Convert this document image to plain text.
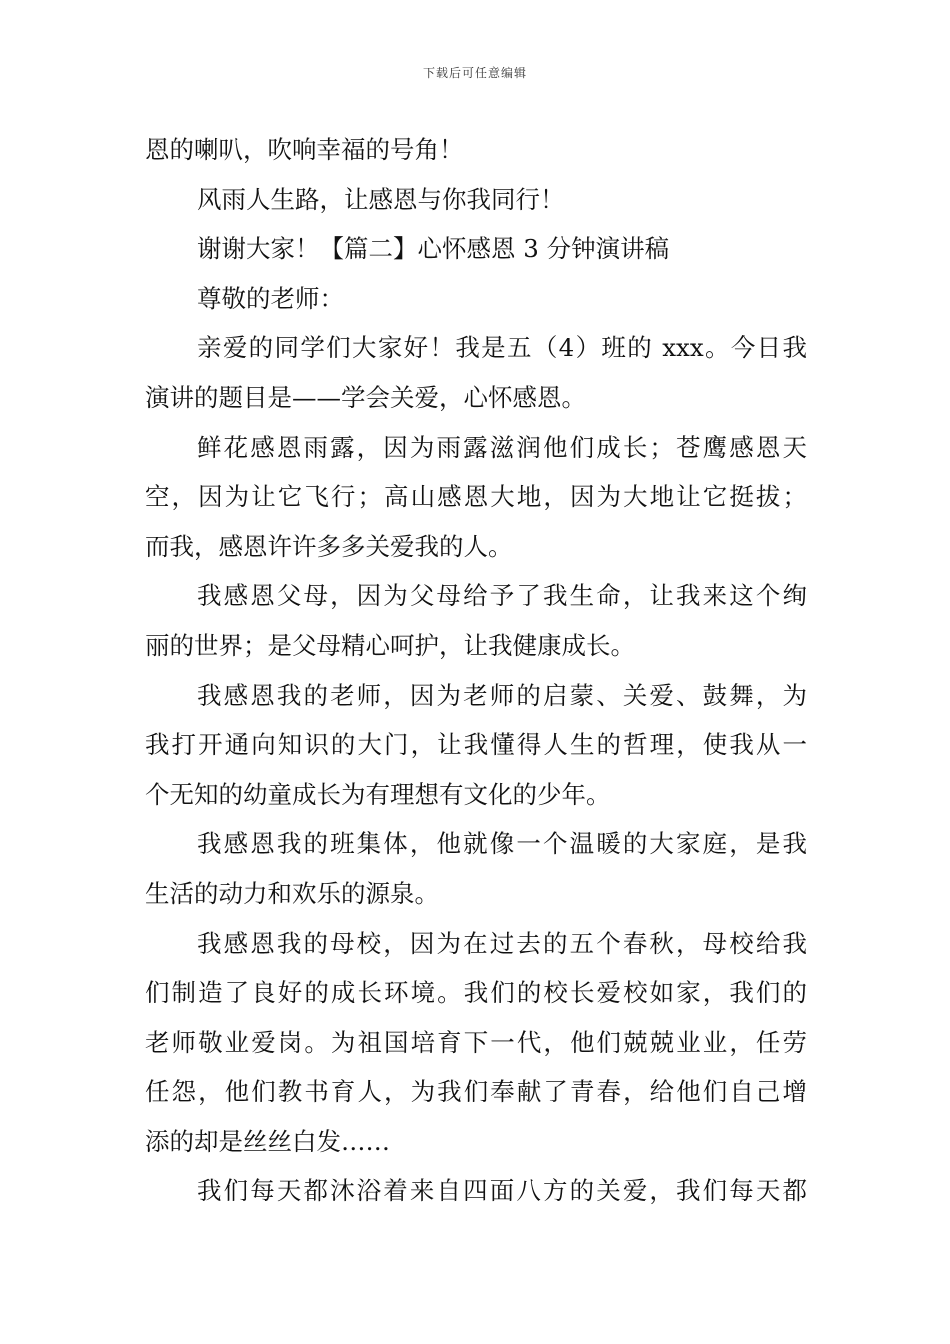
下载后可任意编辑
恩的喇叭，吹响幸福的号角！
风雨人生路，让感恩与你我同行！
谢谢大家！【篇二】心怀感恩 3 分钟演讲稿
尊敬的老师：
亲爱的同学们大家好！我是五（4）班的 xxx。今日我
演讲的题目是——学会关爱，心怀感恩。
鲜花感恩雨露，因为雨露滋润他们成长；苍鹰感恩天
空，因为让它飞行；高山感恩大地，因为大地让它挺拔；
而我，感恩许许多多关爱我的人。
我感恩父母，因为父母给予了我生命，让我来这个绚
丽的世界；是父母精心呵护，让我健康成长。
我感恩我的老师，因为老师的启蒙、关爱、鼓舞，为
我打开通向知识的大门，让我懂得人生的哲理，使我从一
个无知的幼童成长为有理想有文化的少年。
我感恩我的班集体，他就像一个温暖的大家庭，是我
生活的动力和欢乐的源泉。
我感恩我的母校，因为在过去的五个春秋，母校给我
们制造了良好的成长环境。我们的校长爱校如家，我们的
老师敬业爱岗。为祖国培育下一代，他们兢兢业业，任劳
任怨，他们教书育人，为我们奉献了青春，给他们自己增
添的却是丝丝白发……
我们每天都沐浴着来自四面八方的关爱，我们每天都
